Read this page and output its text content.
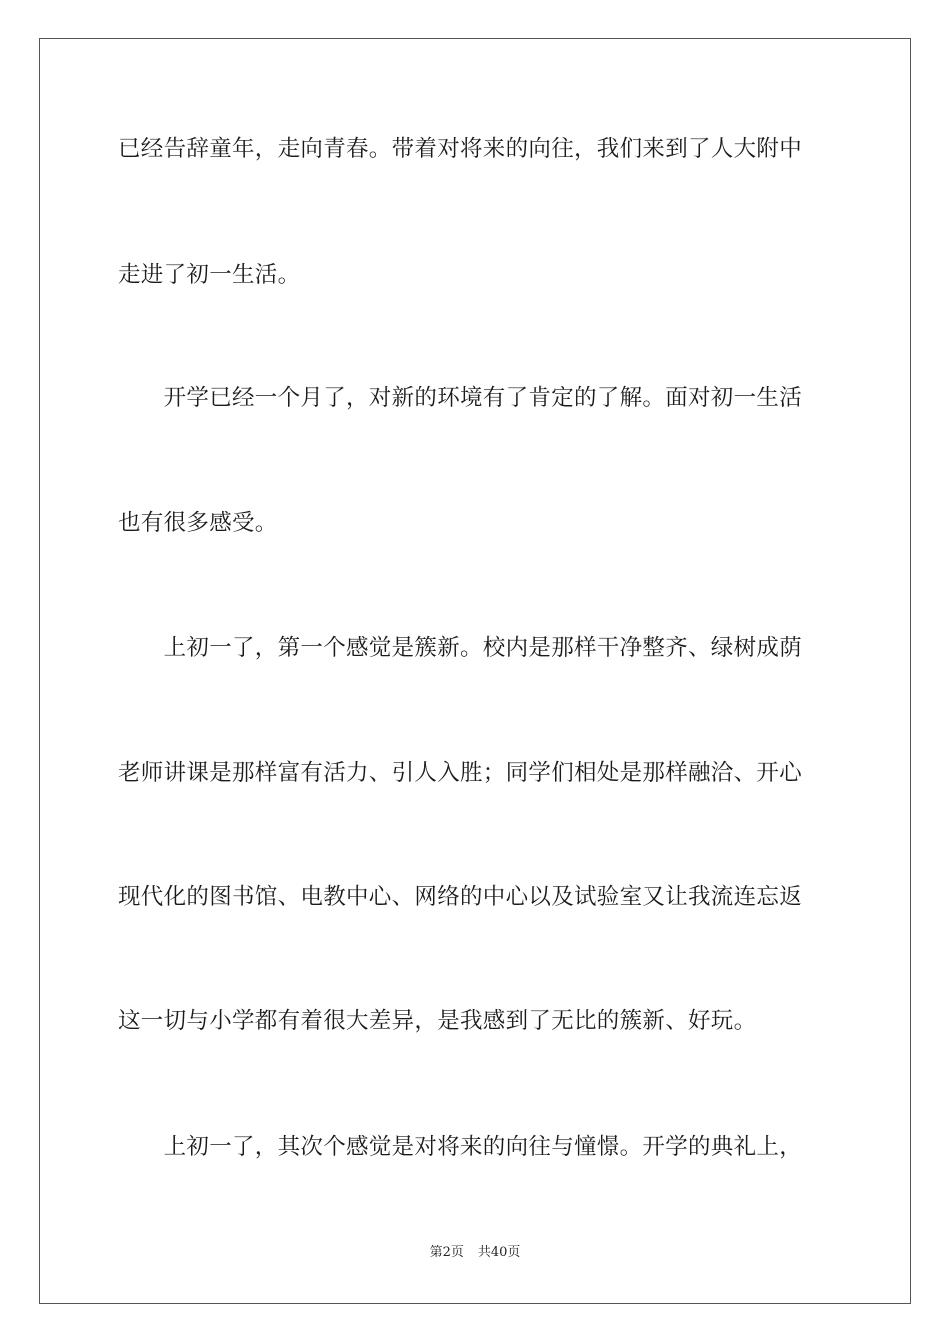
已经告辞童年，走向青春。带着对将来的向往，我们来到了人大附中
走进了初一生活。
　　开学已经一个月了，对新的环境有了肯定的了解。面对初一生活
也有很多感受。
　　上初一了，第一个感觉是簇新。校内是那样干净整齐、绿树成荫
老师讲课是那样富有活力、引人入胜；同学们相处是那样融洽、开心
现代化的图书馆、电教中心、网络的中心以及试验室又让我流连忘返
这一切与小学都有着很大差异，是我感到了无比的簇新、好玩。
　　上初一了，其次个感觉是对将来的向往与憧憬。开学的典礼上，
第2页 共40页
